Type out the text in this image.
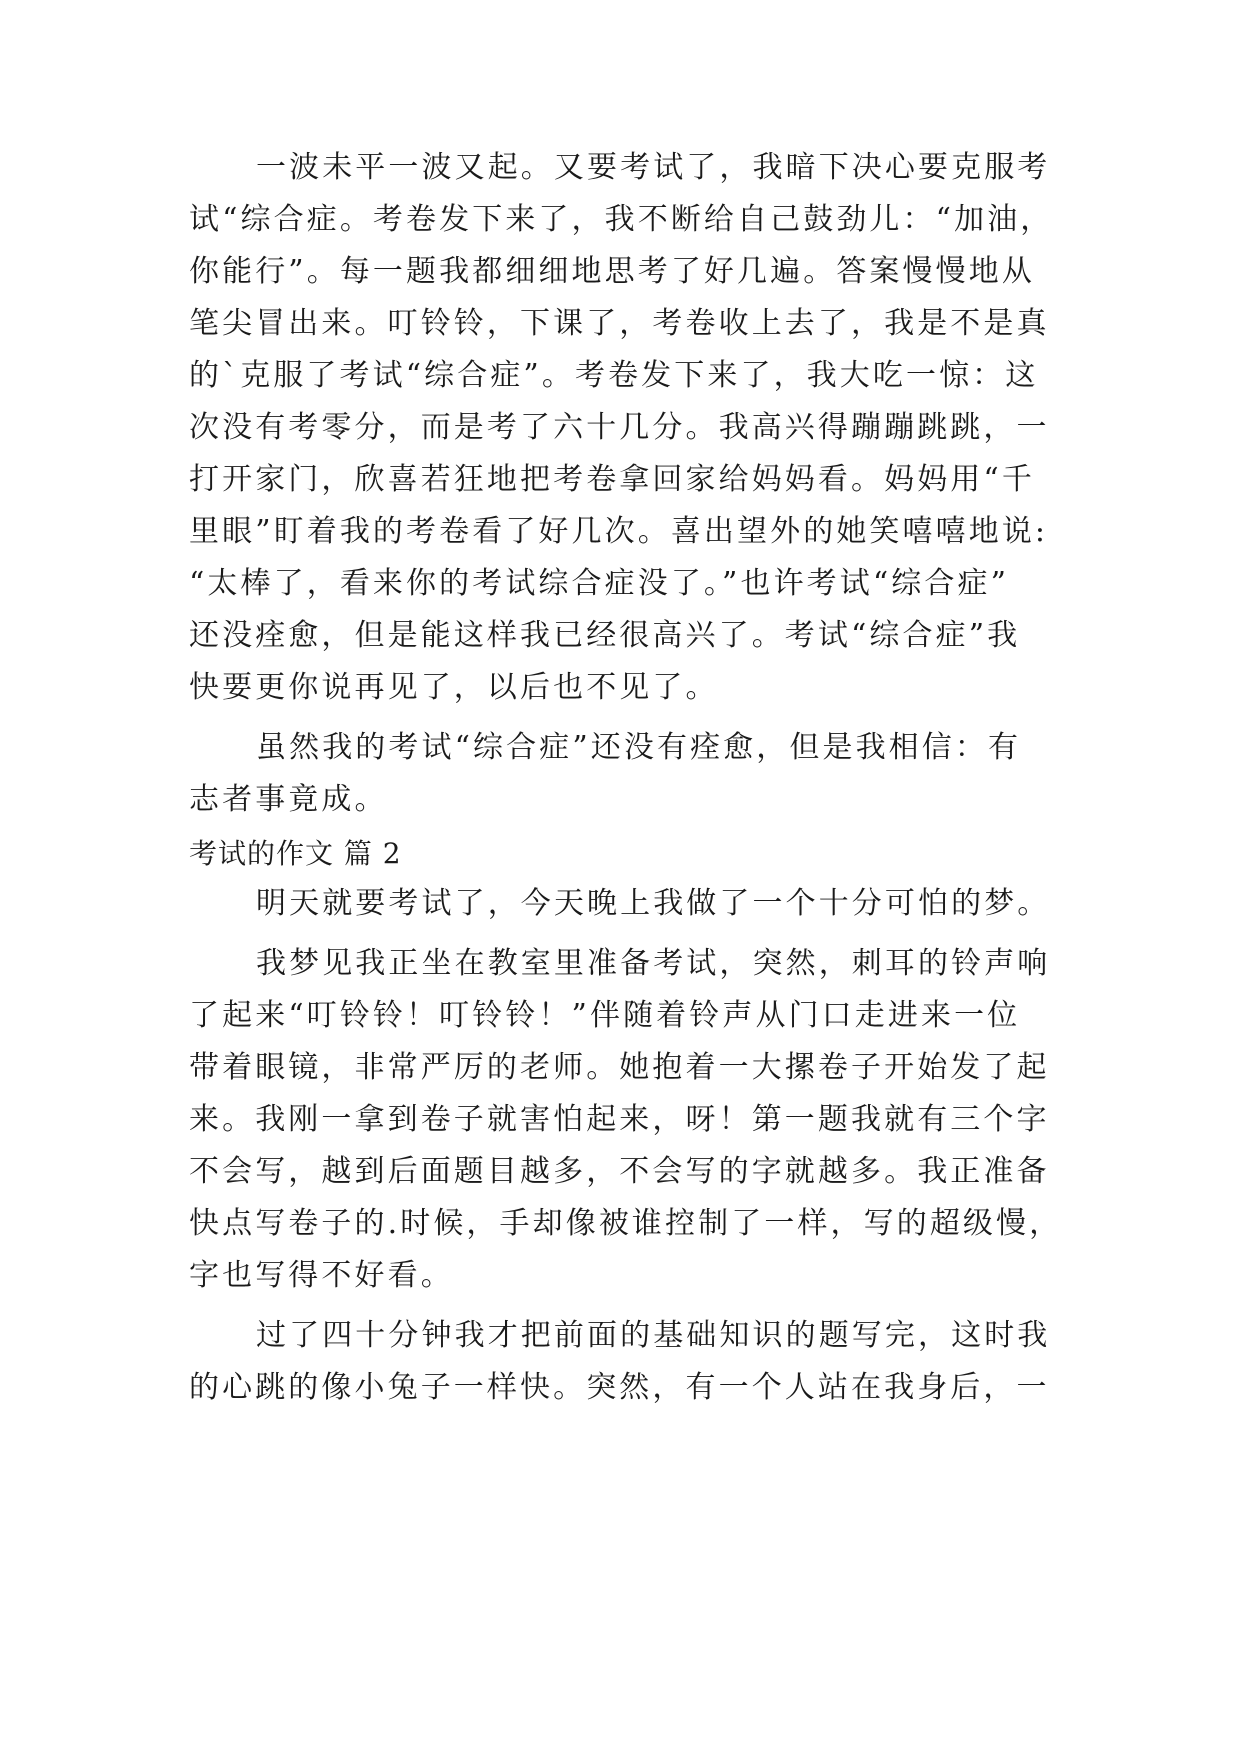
一波未平一波又起。又要考试了，我暗下决心要克服考
试“综合症。考卷发下来了，我不断给自己鼓劲儿：“加油，
你能行”。每一题我都细细地思考了好几遍。答案慢慢地从
笔尖冒出来。叮铃铃，下课了，考卷收上去了，我是不是真
的`克服了考试“综合症”。考卷发下来了，我大吃一惊：这
次没有考零分，而是考了六十几分。我高兴得蹦蹦跳跳，一
打开家门，欣喜若狂地把考卷拿回家给妈妈看。妈妈用“千
里眼”盯着我的考卷看了好几次。喜出望外的她笑嘻嘻地说:
“太棒了，看来你的考试综合症没了。”也许考试“综合症”
还没痊愈，但是能这样我已经很高兴了。考试“综合症”我
快要更你说再见了，以后也不见了。
虽然我的考试“综合症”还没有痊愈，但是我相信：有
志者事竟成。
考试的作文 篇 2
明天就要考试了，今天晚上我做了一个十分可怕的梦。
我梦见我正坐在教室里准备考试，突然，刺耳的铃声响
了起来“叮铃铃！叮铃铃！”伴随着铃声从门口走进来一位
带着眼镜，非常严厉的老师。她抱着一大摞卷子开始发了起
来。我刚一拿到卷子就害怕起来，呀！第一题我就有三个字
不会写，越到后面题目越多，不会写的字就越多。我正准备
快点写卷子的.时候，手却像被谁控制了一样，写的超级慢，
字也写得不好看。
过了四十分钟我才把前面的基础知识的题写完，这时我
的心跳的像小兔子一样快。突然，有一个人站在我身后，一
